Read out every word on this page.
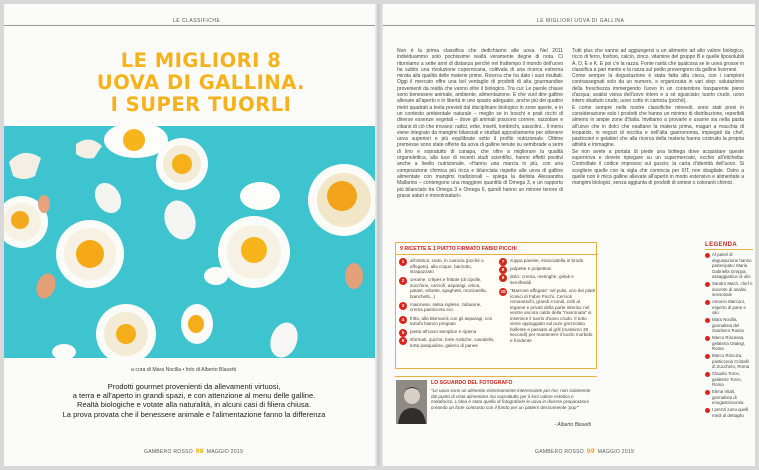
LE CLASSIFICHE
LE MIGLIORI 8
UOVA DI GALLINA.
I SUPER TUORLI
a cura di Mara Nocilla • foto di Alberto Blasetti
Prodotti gourmet provenienti da allevamenti virtuosi,
a terra e all'aperto in grandi spazi, e con attenzione al menu delle galline.
Realtà biologiche e votate alla naturalità, in alcuni casi di filiera chiusa.
La prova provata che il benessere animale e l'alimentazione fanno la differenza
GAMBERO ROSSO 98 MAGGIO 2019
LE MIGLIORI UOVA DI GALLINA

Non è la prima classifica che dedichiamo alle uova. Nel 2011 individuammo solo pochissime realtà veramente degne di nota. Ci ritorniamo a sette anni di distanza perché nel frattempo il mondo dell'uovo ha subito una rivoluzione copernicana, coltivata di una ricerca estrema mirata alla qualità delle materie prime. Ricerca che ha dato i suoi risultati. Oggi il mercato offre una bel ventaglio di prodotti di alta gourmandise provenienti da realtà che vanno oltre il biologico. Tra cui: Le parole chiave sono benessere animale, ambiente, alimentazione. E che vuol dire galline allevate all'aperto e in libertà in uno spazio adeguato, anche più dei quattro metri quadrati a testa previsti dal disciplinare biologico in zone aperte, e in un contesto ambientale naturale – meglio se in boschi e prati ricchi di diverse essenze vegetali – dove gli animali possono correre, razzolare e cibarsi di ciò che trovano: radici, erbe, insetti, lombrichi, sassolini... Il menu viene integrato da mangimi bilanciati e studiati appositamente per ottenere uova superiori e più equilibrate sotto il profilo nutrizionale. Ottime premesse sono state offerte da uova di galline tenute su semibrade a semi di lino e sopratutto di canapa, che oltre a migliorare la qualità organolettica, alla luce di recenti studi scientifici, hanno effetti positivi anche a livello nutrizionale. «Hanno una marcia in più, con una composizione chimica più ricca e bilanciata rispetto alle uova di galline alimentate con mangimi tradizionali – spiega la dietista Alessandra Mallarino – contengono una maggiore quantità di Omega 3, e un rapporto più bilanciato tra Omega 3 e Omega 6, quindi hanno un minore tenore di grassi saturi e monoinsaturi».

Tutti plus che vanno ad aggiungersi a un alimento ad alto valore biologico, ricco di ferro, fosforo, calcio, zinco, vitamine del gruppo B e quelle liposolubili A, D, E e K. E poi c'è la razza. Fonte rarità che qualcosa se le uova grosse in classifica a pari merito e la razza sul podio provengono da galline livornesi.
Come sempre la degustazione è stata fatta alla cieca, con i campioni contrassegnati solo da un numero, e organizzata in vari step: valutazione della freschezza immergendo l'uovo in un contenitore trasparente pieno d'acqua; analisi visiva dell'uovo intero e a sé sgusciato; tuorlo crudo, uovo intero sbattuto crudo, uovo cotto in camicia (pochè).
E come sempre nelle nostre classifiche mirevoli, sono stati presi in considerazione solo i prodotti che hanno un minimo di distribuzione, reperibili almeno in ampie zone d'Italia. Invitiamo a provarle e usarne sia nella pasta all'uovo che in dolci che esaltano la materia prima, magari a macchia di leopardo, in negozi di nicchia e nell'alta gastronomia, impiegati da chef, pasticcieri e gelatieri che alla ricerca della materia hanno costruito la propria attività e immagine.
Se non avete a portata di piede una bottega dove acquistare queste supernova e dovete ripiegare su un supermercato, occhio all'etichetta: Controllate il codice impresso sul guscio; la carta d'identità dell'uovo. Si scegliere quelle con la sigla che comincia per 0IT, non sbagliate. Ostro a quelle non è mica galline allevate all'aperto in modo estensivo e alimentate a mangimi biologici, senza aggiunta di prodotti di sintesi o coloranti chimici.

9 RICETTE E 1 PIATTO FIRMATO FABIO PICCHI
1	all'ostrica, sodo, in camicia (poché o affogato), alla coque, barzotto, strapazzato
2	cerame, crêpes e frittate (di cipolle, zucchine, carciofi, asparagi, ortica, patate, erbette, spaghetti, mozzarella, bianchetti...)
3	maionese, salsa inglese, zabaione, crema pasticcera ecc.
4	fritto, alla Bismarck con gli asparagi, con tartufo bianco pregiato
5	pasta all'uovo semplice e ripiena
6	sformati, quiche, torte rustiche, casatiello, torta pasqualina, galeno di panee
7	zuppa pavese, stracciatella in brodo
8	polpette e polpettoni
9	dolci: crema, meringhe, gelati e semifreddi
10 "Marrone affogato" nel pulsi, uno dei piatti iconici di Fabio Picchi. Cercioli romaneschi, grandi e tondi, cotti al tegame e privati della parte interna; nel ventre ancora caldo della "marronata" si inserisce il tuorlo d'uovo crudo. Il tutto viene appoggiato sul pure grezzolato bollente e passato al grill (massimo 30 secondi) per mantenere il tuorlo morbido e fondente
LO SGUARDO DEL FOTOGRAFO
"Le uova sono un alimento estremamente interessante per me, non solamente dal punto di vista alimentare ma soprattutto per il loro valore estetico e metaforico. L'idea è stata quella di fotografarle le uova in diverse preparazioni creando un forte contrasto con il fondo per un pattern decisamente 'pop'"
- Alberto Blasetti
LEGENDA
Al panel di degustazione hanno partecipato: Maria Gabriella Greppa, assaggiatrice di olio
Sandro Marzi, chef e docente di analisi sensoriale
Antonio Marconi, esperto di pane e olio
Mara Nocilla, giornalista del Gambero Rosso
Marco Riscassa, gelateria Otaleg!, Roma
Marco Rincuza, pasticceria Cristalli di Zucchero, Roma
Claudio Torce, gelaterie Torce, Roma
Elena Vitali, giornalista di enogastronomia
I prezzi sono quelli medi al dettaglio
GAMBERO ROSSO 99 MAGGIO 2019
